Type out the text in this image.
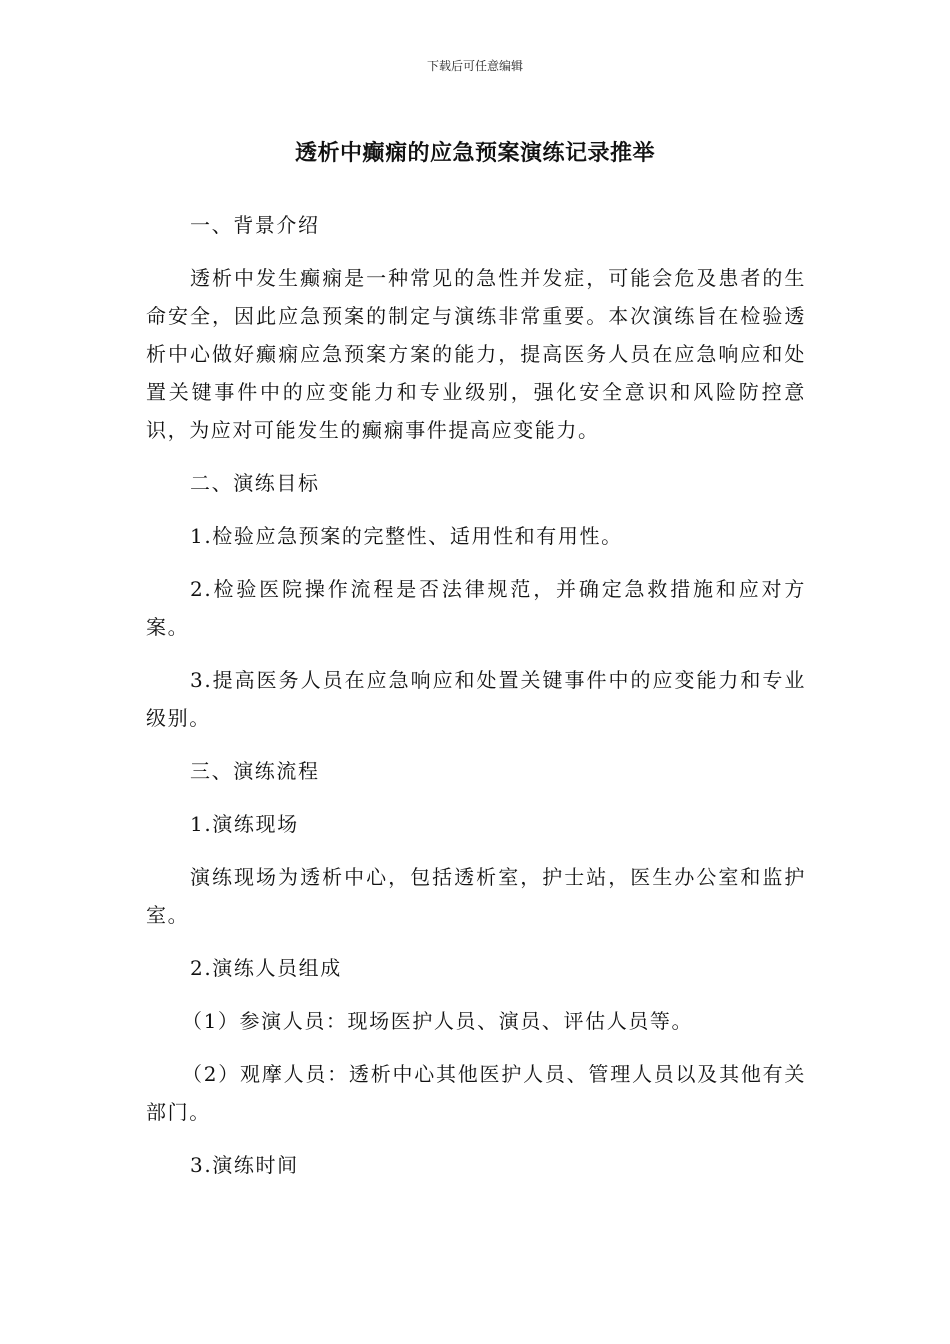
下载后可任意编辑
透析中癫痫的应急预案演练记录推举

一、背景介绍

透析中发生癫痫是一种常见的急性并发症，可能会危及患者的生命安全，因此应急预案的制定与演练非常重要。本次演练旨在检验透析中心做好癫痫应急预案方案的能力，提高医务人员在应急响应和处置关键事件中的应变能力和专业级别，强化安全意识和风险防控意识，为应对可能发生的癫痫事件提高应变能力。

二、演练目标

1.检验应急预案的完整性、适用性和有用性。

2.检验医院操作流程是否法律规范，并确定急救措施和应对方案。

3.提高医务人员在应急响应和处置关键事件中的应变能力和专业级别。

三、演练流程

1.演练现场

演练现场为透析中心，包括透析室，护士站，医生办公室和监护室。

2.演练人员组成

（1）参演人员：现场医护人员、演员、评估人员等。

（2）观摩人员：透析中心其他医护人员、管理人员以及其他有关部门。

3.演练时间
